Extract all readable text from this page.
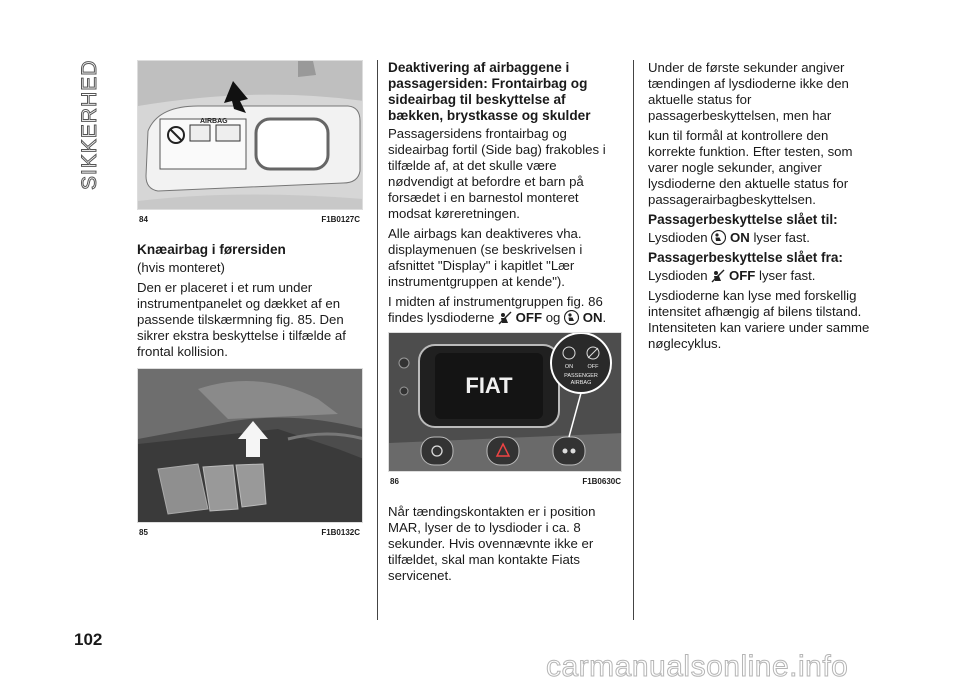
SIKKERHED
102
AIRBAG
84	F1B0127C
Knæairbag i førersiden

(hvis monteret)

Den er placeret i et rum under instrumentpanelet og dækket af en passende tilskærmning fig. 85. Den sikrer ekstra beskyttelse i tilfælde af frontal kollision.

85	F1B0132C
Deaktivering af airbaggene i passagersiden: Frontairbag og sideairbag til beskyttelse af bækken, brystkasse og skulder

Passagersidens frontairbag og sideairbag fortil (Side bag) frakobles i tilfælde af, at det skulle være nødvendigt at befordre et barn på forsædet i en barnestol monteret modsat køreretningen.

Alle airbags kan deaktiveres vha. displaymenuen (se beskrivelsen i afsnittet "Display" i kapitlet "Lær instrumentgruppen at kende").

I midten af instrumentgruppen fig. 86 findes lysdioderne OFF og ON.

FIAT
ON	OFF
PASSENGER
AIRBAG
86	F1B0630C

Når tændingskontakten er i position MAR, lyser de to lysdioder i ca. 8 sekunder. Hvis ovennævnte ikke er tilfældet, skal man kontakte Fiats servicenet.

Under de første sekunder angiver tændingen af lysdioderne ikke den aktuelle status for passagerbeskyttelsen, men har

kun til formål at kontrollere den korrekte funktion. Efter testen, som varer nogle sekunder, angiver lysdioderne den aktuelle status for passagerairbagbeskyttelsen.

Passagerbeskyttelse slået til:

Lysdioden ON lyser fast.

Passagerbeskyttelse slået fra:

Lysdioden OFF lyser fast.

Lysdioderne kan lyse med forskellig intensitet afhængig af bilens tilstand. Intensiteten kan variere under samme nøglecyklus.

carmanualsonline.info
